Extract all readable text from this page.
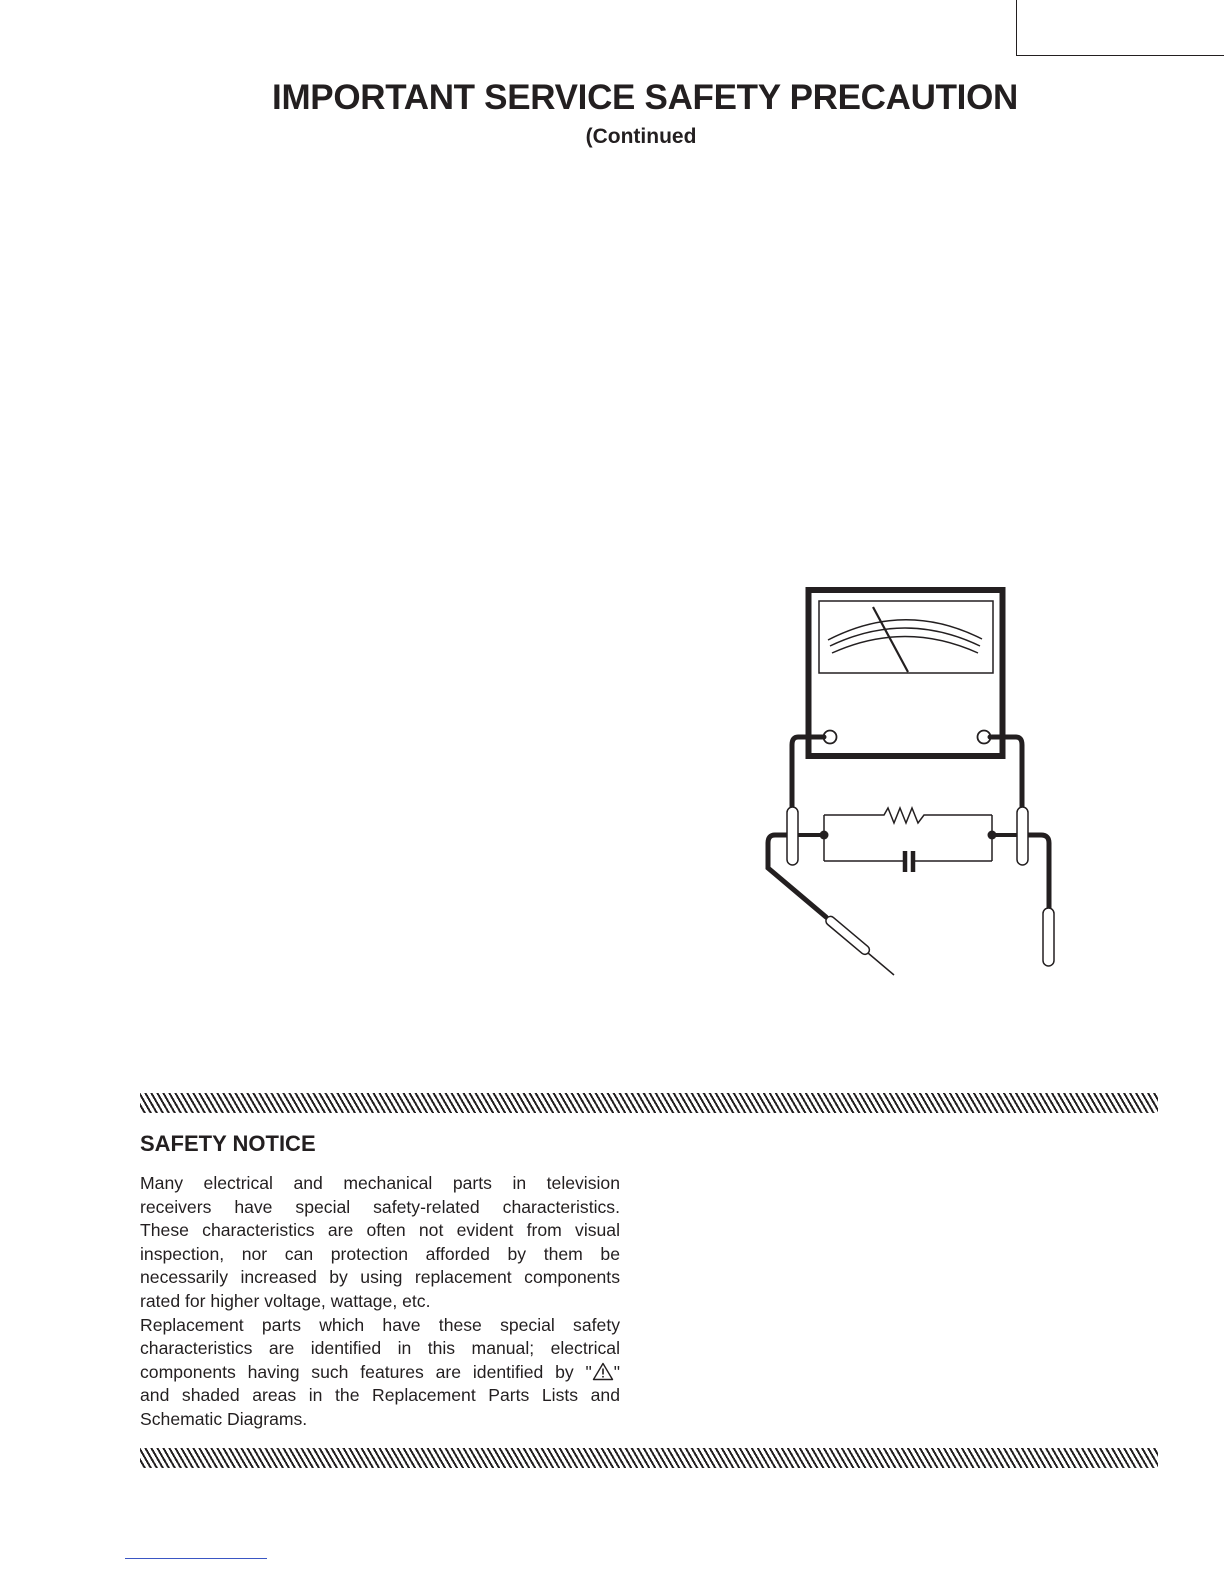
IMPORTANT SERVICE SAFETY PRECAUTION
(Continued
SAFETY NOTICE
Many electrical and mechanical parts in television
receivers have special safety-related characteristics.
These characteristics are often not evident from visual
inspection, nor can protection afforded by them be
necessarily increased by using replacement components
rated for higher voltage, wattage, etc.
Replacement parts which have these special safety
characteristics are identified in this manual; electrical
components having such features are identified by " "
and shaded areas in the Replacement Parts Lists and
Schematic Diagrams.
